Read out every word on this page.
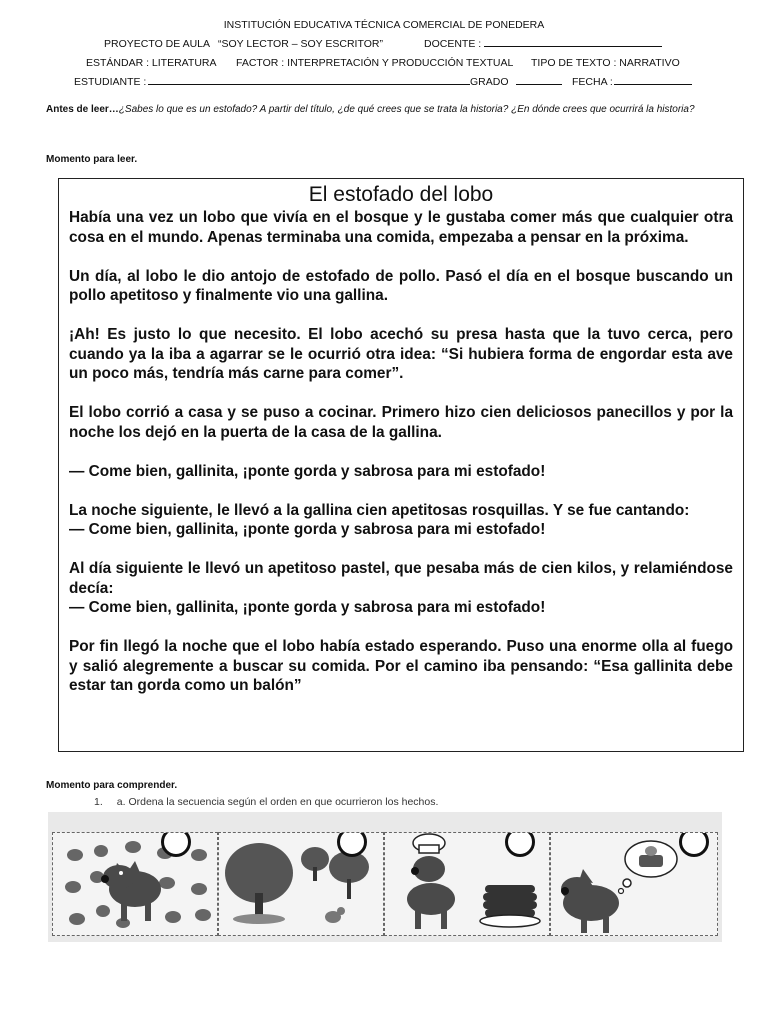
INSTITUCIÓN EDUCATIVA TÉCNICA COMERCIAL DE PONEDERA
PROYECTO DE AULA “SOY LECTOR – SOY ESCRITOR”	DOCENTE :
ESTÁNDAR : LITERATURA FACTOR : INTERPRETACIÓN Y PRODUCCIÓN TEXTUAL TIPO DE TEXTO : NARRATIVO
ESTUDIANTE :	GRADO	FECHA :
Antes de leer…¿Sabes lo que es un estofado? A partir del título, ¿de qué crees que se trata la historia? ¿En dónde crees que ocurrirá la historia?
Momento para leer.
El estofado del lobo

Había una vez un lobo que vivía en el bosque y le gustaba comer más que cualquier otra cosa en el mundo. Apenas terminaba una comida, empezaba a pensar en la próxima.

Un día, al lobo le dio antojo de estofado de pollo. Pasó el día en el bosque buscando un pollo apetitoso y finalmente vio una gallina.

¡Ah! Es justo lo que necesito. El lobo acechó su presa hasta que la tuvo cerca, pero cuando ya la iba a agarrar se le ocurrió otra idea: “Si hubiera forma de engordar esta ave un poco más, tendría más carne para comer”.

El lobo corrió a casa y se puso a cocinar. Primero hizo cien deliciosos panecillos y por la noche los dejó en la puerta de la casa de la gallina.

— Come bien, gallinita, ¡ponte gorda y sabrosa para mi estofado!

La noche siguiente, le llevó a la gallina cien apetitosas rosquillas. Y se fue cantando:

— Come bien, gallinita, ¡ponte gorda y sabrosa para mi estofado!

Al día siguiente le llevó un apetitoso pastel, que pesaba más de cien kilos, y relamiéndose decía:

— Come bien, gallinita, ¡ponte gorda y sabrosa para mi estofado!

Por fin llegó la noche que el lobo había estado esperando. Puso una enorme olla al fuego y salió alegremente a buscar su comida. Por el camino iba pensando: “Esa gallinita debe estar tan gorda como un balón”

Momento para comprender.
1. a. Ordena la secuencia según el orden en que ocurrieron los hechos.
